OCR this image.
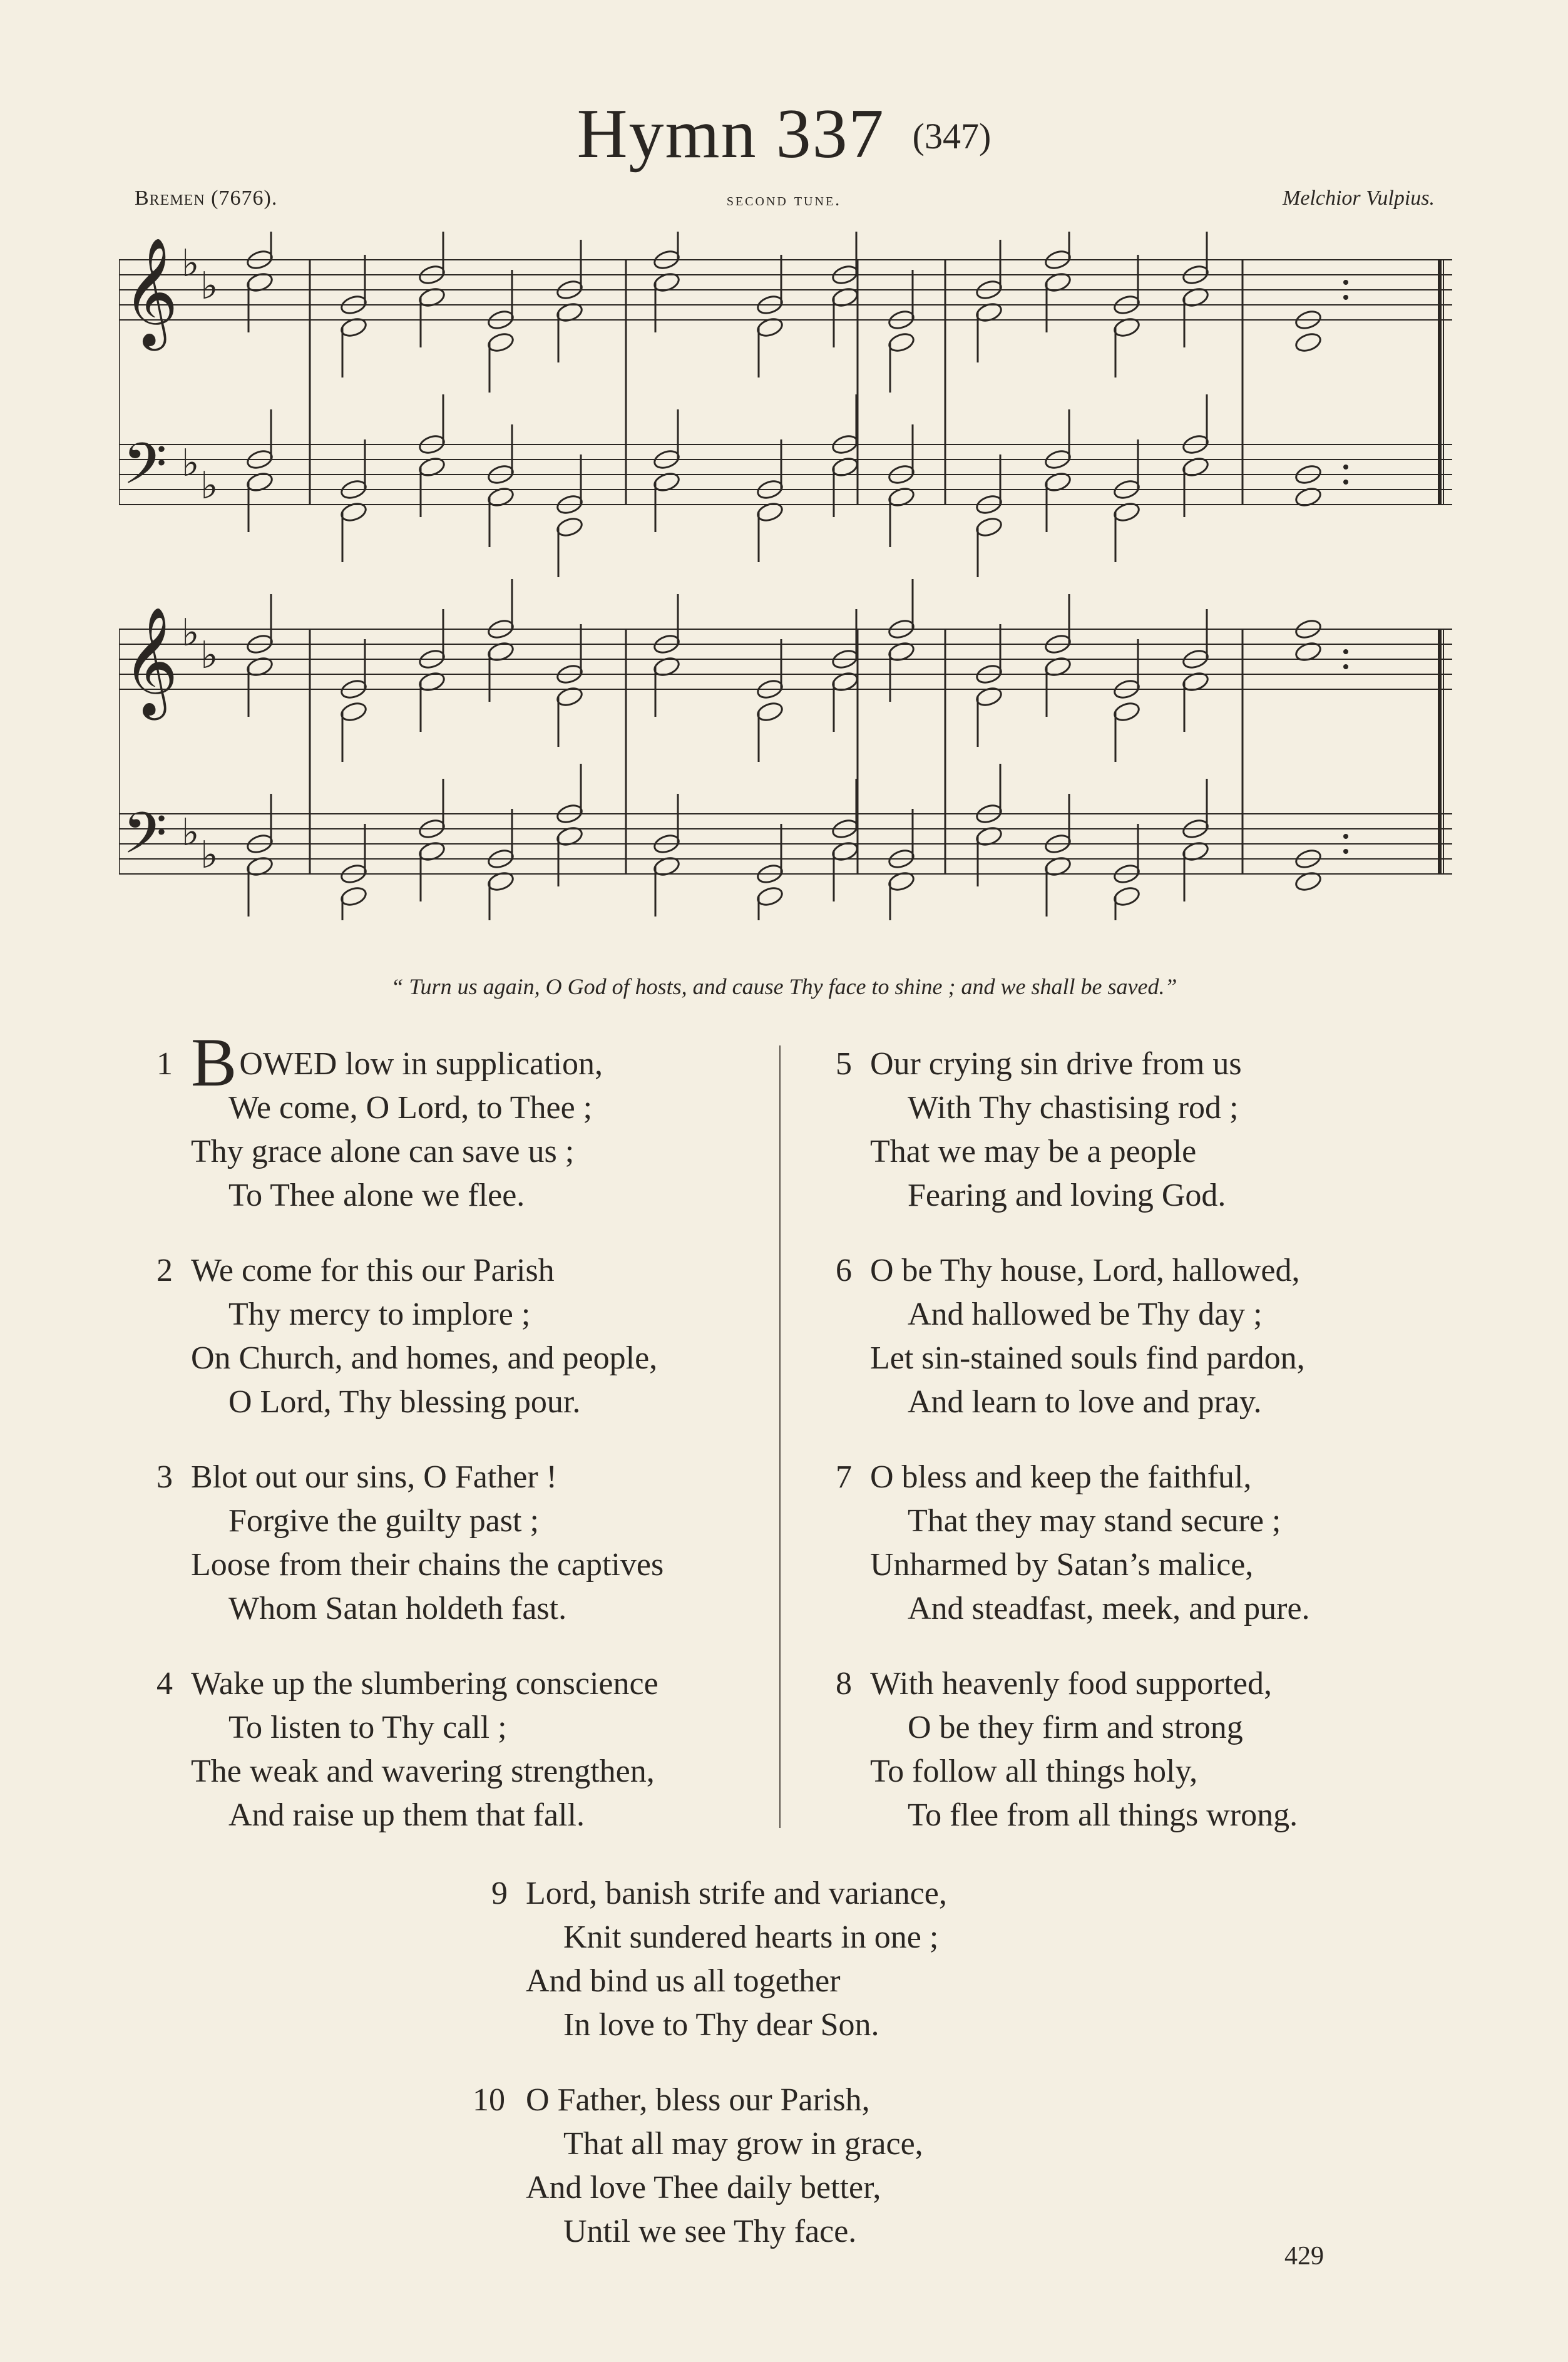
Hymn 337 (347)
Bremen (7676).	second tune.	Melchior Vulpius.
𝄞
𝄢
♭
♭
♭
♭
𝄞
𝄢
♭
♭
♭
♭
“ Turn us again, O God of hosts, and cause Thy face to shine ; and we shall be saved.”
1 BOWED low in supplication,
We come, O Lord, to Thee ;
Thy grace alone can save us ;
To Thee alone we flee.
2 We come for this our Parish
Thy mercy to implore ;
On Church, and homes, and people,
O Lord, Thy blessing pour.
3 Blot out our sins, O Father !
Forgive the guilty past ;
Loose from their chains the captives
Whom Satan holdeth fast.
4 Wake up the slumbering conscience
To listen to Thy call ;
The weak and wavering strengthen,
And raise up them that fall.
5 Our crying sin drive from us
With Thy chastising rod ;
That we may be a people
Fearing and loving God.
6 O be Thy house, Lord, hallowed,
And hallowed be Thy day ;
Let sin-stained souls find pardon,
And learn to love and pray.
7 O bless and keep the faithful,
That they may stand secure ;
Unharmed by Satan’s malice,
And steadfast, meek, and pure.
8 With heavenly food supported,
O be they firm and strong
To follow all things holy,
To flee from all things wrong.
9 Lord, banish strife and variance,
Knit sundered hearts in one ;
And bind us all together
In love to Thy dear Son.
10 O Father, bless our Parish,
That all may grow in grace,
And love Thee daily better,
Until we see Thy face.
429
